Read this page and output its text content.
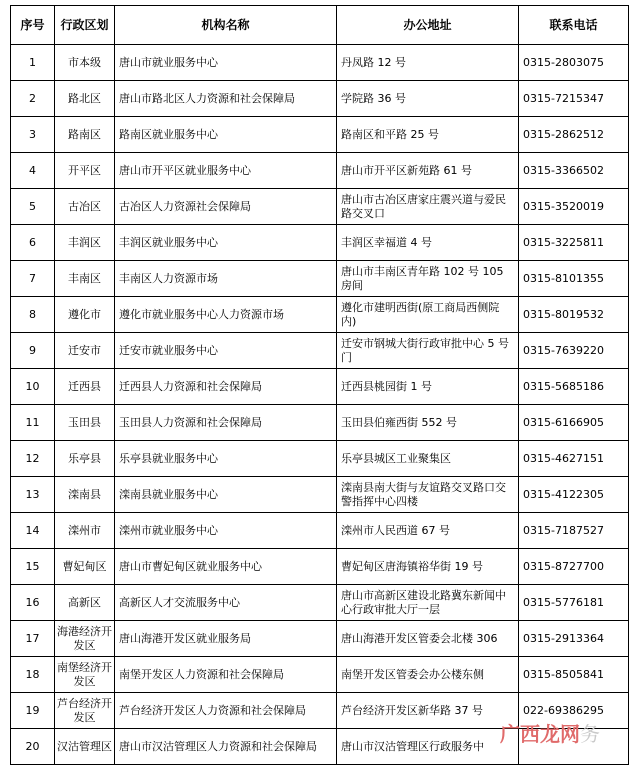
序号	行政区划	机构名称	办公地址	联系电话
1	市本级	唐山市就业服务中心	丹凤路 12 号	0315-2803075
2	路北区	唐山市路北区人力资源和社会保障局	学院路 36 号	0315-7215347
3	路南区	路南区就业服务中心	路南区和平路 25 号	0315-2862512
4	开平区	唐山市开平区就业服务中心	唐山市开平区新苑路 61 号	0315-3366502
5	古冶区	古冶区人力资源社会保障局	唐山市古冶区唐家庄震兴道与爱民路交叉口	0315-3520019
6	丰润区	丰润区就业服务中心	丰润区幸福道 4 号	0315-3225811
7	丰南区	丰南区人力资源市场	唐山市丰南区青年路 102 号 105 房间	0315-8101355
8	遵化市	遵化市就业服务中心人力资源市场	遵化市建明西街(原工商局西侧院内)	0315-8019532
9	迁安市	迁安市就业服务中心	迁安市钢城大街行政审批中心 5 号门	0315-7639220
10	迁西县	迁西县人力资源和社会保障局	迁西县桃园街 1 号	0315-5685186
11	玉田县	玉田县人力资源和社会保障局	玉田县伯雍西街 552 号	0315-6166905
12	乐亭县	乐亭县就业服务中心	乐亭县城区工业聚集区	0315-4627151
13	滦南县	滦南县就业服务中心	滦南县南大街与友谊路交叉路口交警指挥中心四楼	0315-4122305
14	滦州市	滦州市就业服务中心	滦州市人民西道 67 号	0315-7187527
15	曹妃甸区	唐山市曹妃甸区就业服务中心	曹妃甸区唐海镇裕华街 19 号	0315-8727700
16	高新区	高新区人才交流服务中心	唐山市高新区建设北路冀东新闻中心行政审批大厅一层	0315-5776181
17	海港经济开发区	唐山海港开发区就业服务局	唐山海港开发区管委会北楼 306	0315-2913364
18	南堡经济开发区	南堡开发区人力资源和社会保障局	南堡开发区管委会办公楼东侧	0315-8505841
19	芦台经济开发区	芦台经济开发区人力资源和社会保障局	芦台经济开发区新华路 37 号	022-69386295
20	汉沽管理区	唐山市汉沽管理区人力资源和社会保障局	唐山市汉沽管理区行政服务中	广西龙网务
